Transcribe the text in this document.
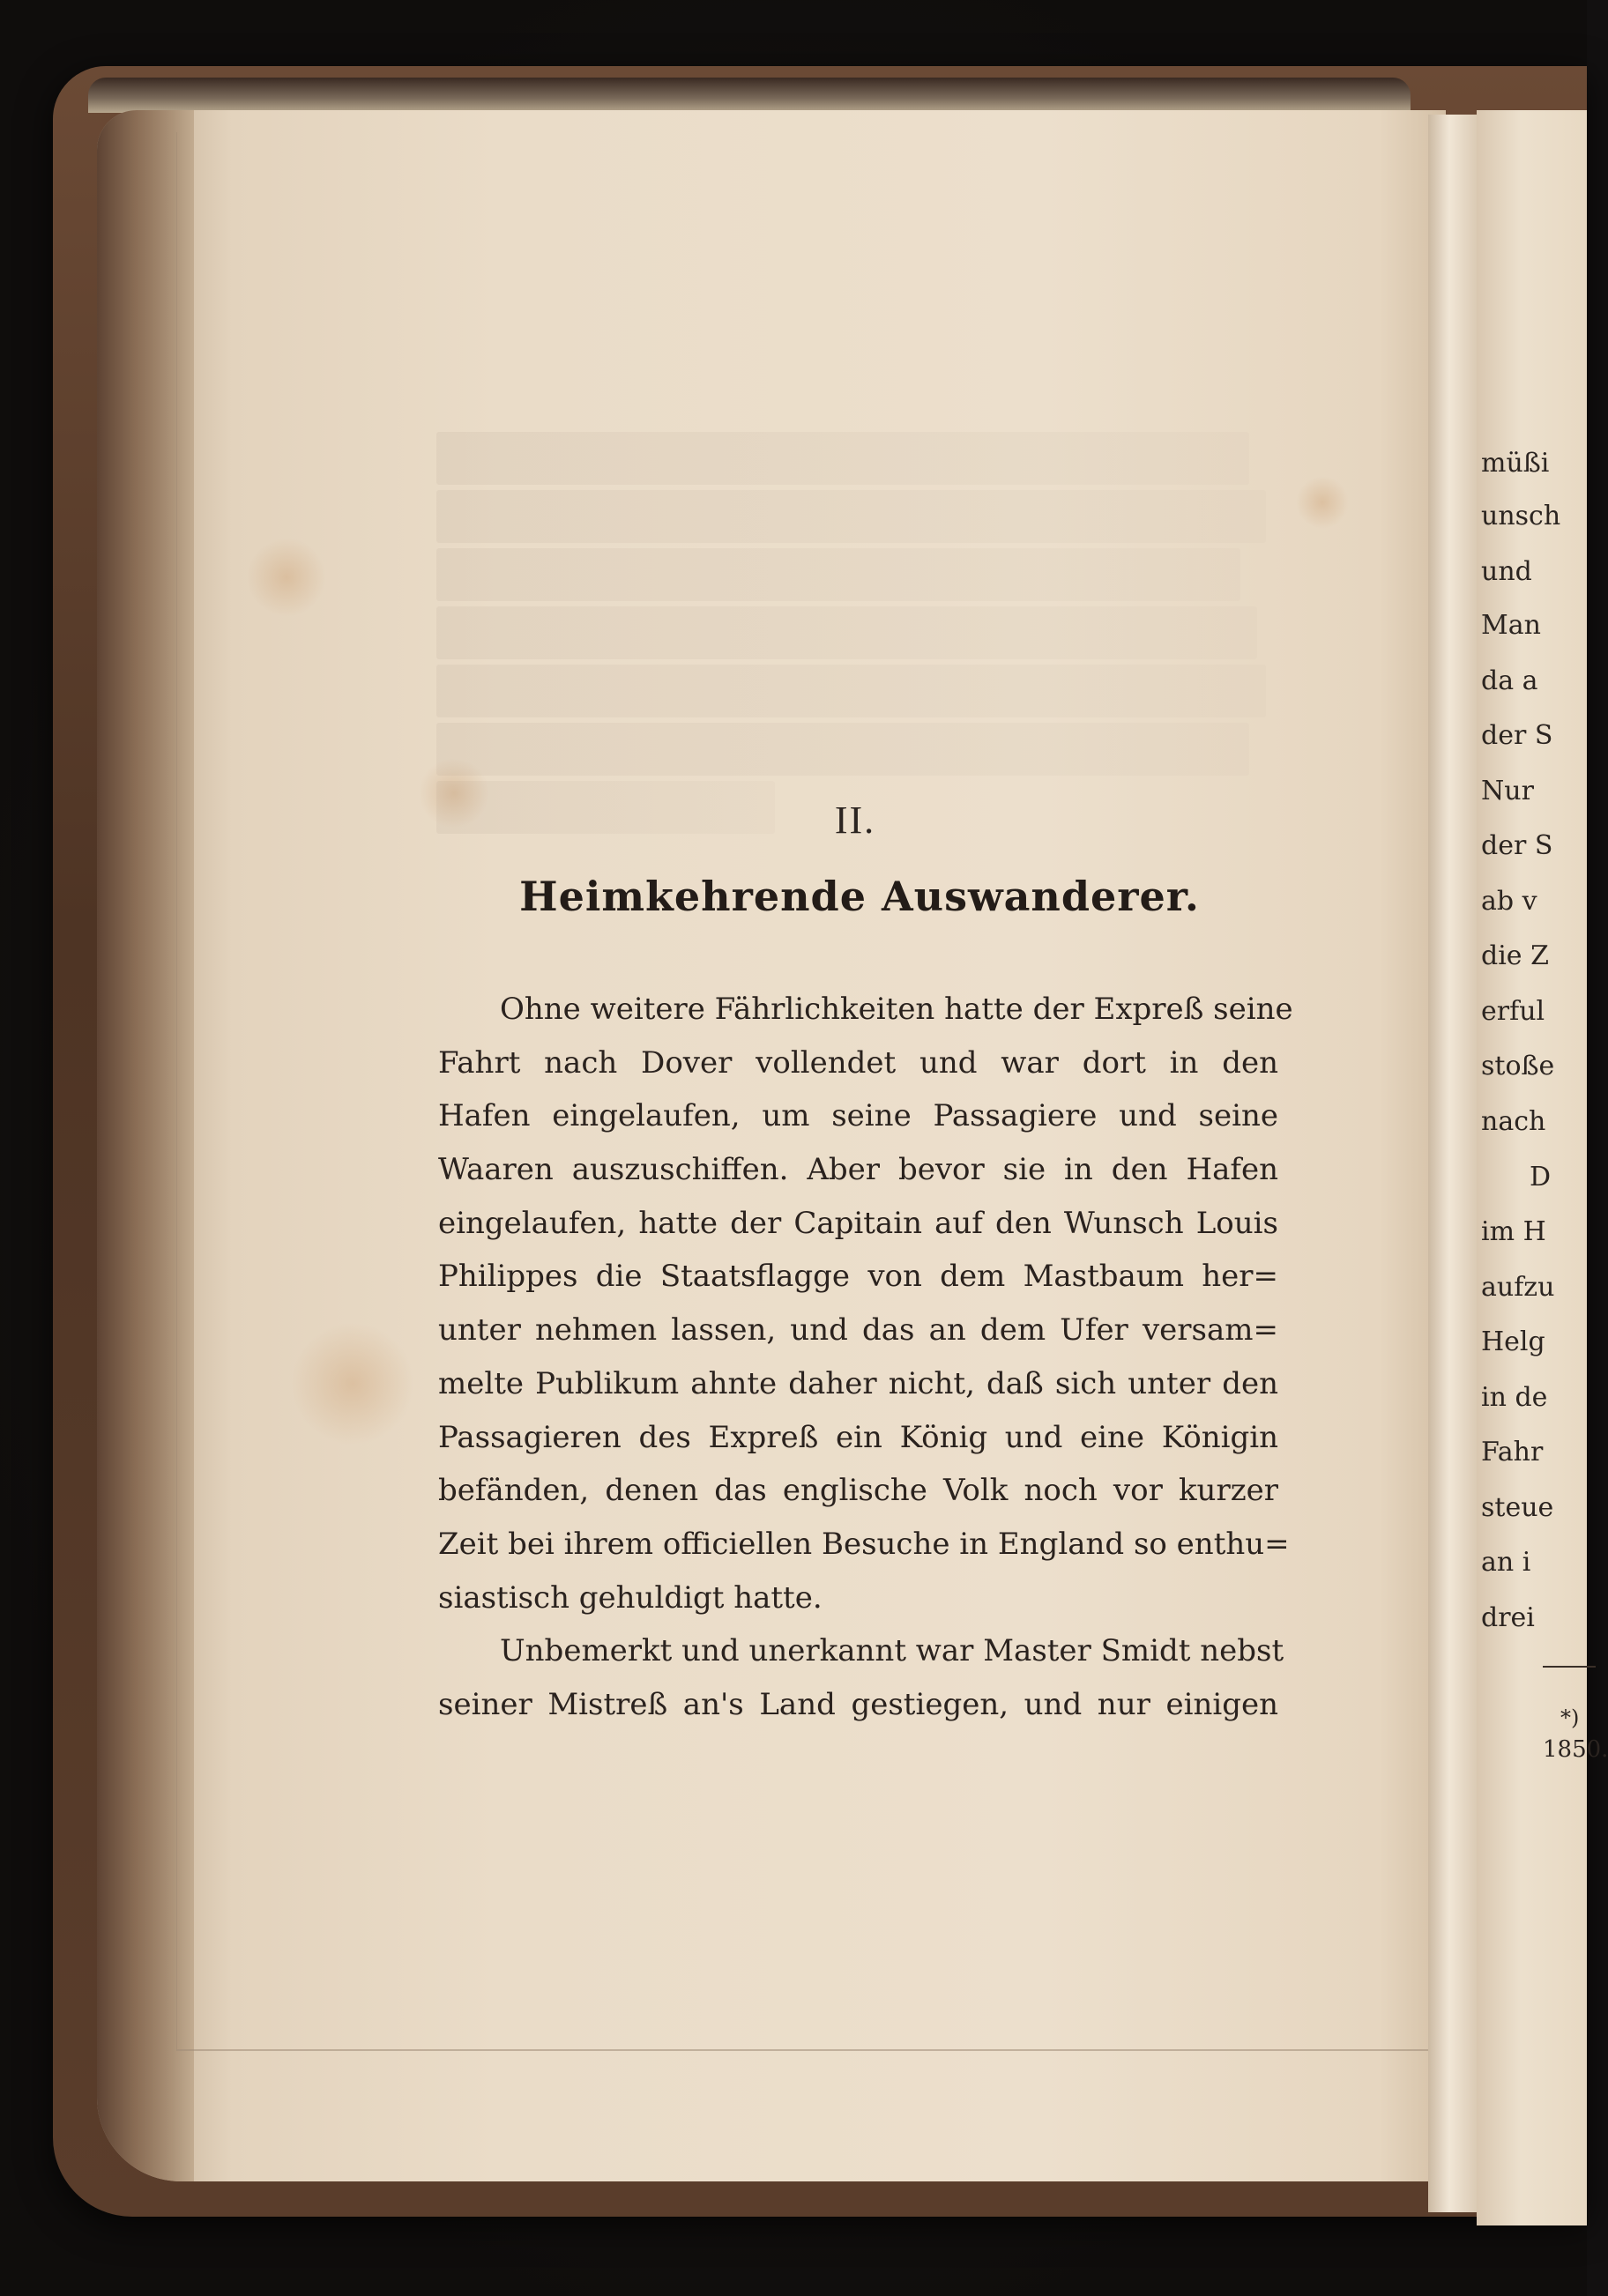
II.
Heimkehrende Auswanderer.
Ohne weitere Fährlichkeiten hatte der Expreß seine
Fahrt nach Dover vollendet und war dort in den
Hafen eingelaufen, um seine Passagiere und seine
Waaren auszuschiffen. Aber bevor sie in den Hafen
eingelaufen, hatte der Capitain auf den Wunsch Louis
Philippes die Staatsflagge von dem Mastbaum her=
unter nehmen lassen, und das an dem Ufer versam=
melte Publikum ahnte daher nicht, daß sich unter den
Passagieren des Expreß ein König und eine Königin
befänden, denen das englische Volk noch vor kurzer
Zeit bei ihrem officiellen Besuche in England so enthu=
siastisch gehuldigt hatte.
Unbemerkt und unerkannt war Master Smidt nebst
seiner Mistreß an's Land gestiegen, und nur einigen
müßi
unsch
und
Man
da a
der S
Nur
der S
ab v
die Z
erful
stoße
nach
D
im H
aufzu
Helg
in de
Fahr
steue
an i
drei
*)
1850.
